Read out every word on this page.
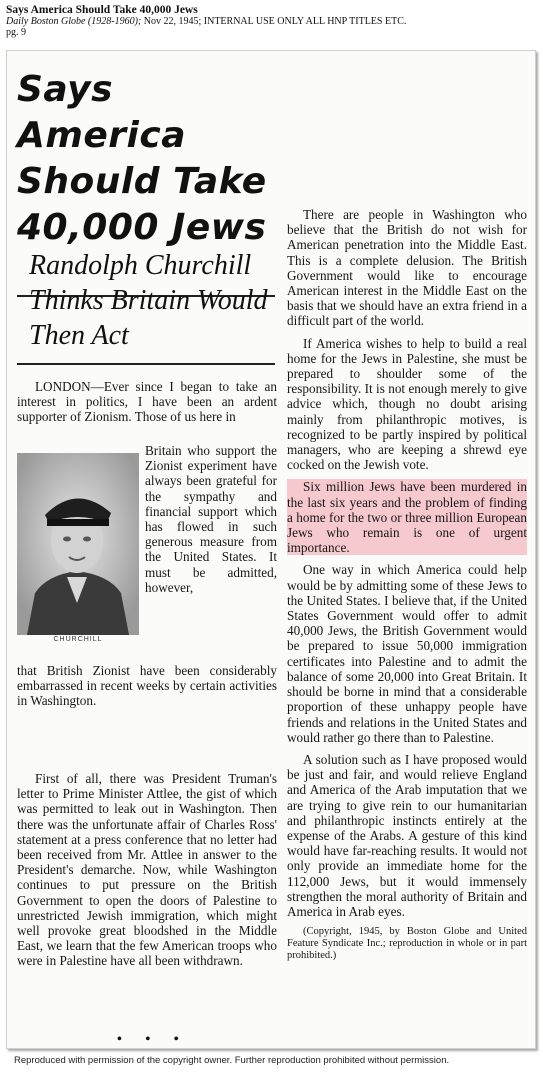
Says America Should Take 40,000 Jews
Daily Boston Globe (1928-1960); Nov 22, 1945; INTERNAL USE ONLY ALL HNP TITLES ETC.
pg. 9
Says America Should Take 40,000 Jews
Randolph Churchill Thinks Britain Would Then Act

LONDON—Ever since I began to take an interest in politics, I have been an ardent supporter of Zionism. Those of us here in

CHURCHILL

Britain who support the Zionist experiment have always been grateful for the sympathy and financial support which has flowed in such generous measure from the United States. It must be admitted, however,

that British Zionist have been considerably embarrassed in recent weeks by certain activities in Washington.

First of all, there was President Truman's letter to Prime Minister Attlee, the gist of which was permitted to leak out in Washington. Then there was the unfortunate affair of Charles Ross' statement at a press conference that no letter had been received from Mr. Attlee in answer to the President's demarche. Now, while Washington continues to put pressure on the British Government to open the doors of Palestine to unrestricted Jewish immigration, which might well provoke great bloodshed in the Middle East, we learn that the few American troops who were in Palestine have all been withdrawn.

• • •

There are people in Washington who believe that the British do not wish for American penetration into the Middle East. This is a complete delusion. The British Government would like to encourage American interest in the Middle East on the basis that we should have an extra friend in a difficult part of the world.

If America wishes to help to build a real home for the Jews in Palestine, she must be prepared to shoulder some of the responsibility. It is not enough merely to give advice which, though no doubt arising mainly from philanthropic motives, is recognized to be partly inspired by political managers, who are keeping a shrewd eye cocked on the Jewish vote.

Six million Jews have been murdered in the last six years and the problem of finding a home for the two or three million European Jews who remain is one of urgent importance.

One way in which America could help would be by admitting some of these Jews to the United States. I believe that, if the United States Government would offer to admit 40,000 Jews, the British Government would be prepared to issue 50,000 immigration certificates into Palestine and to admit the balance of some 20,000 into Great Britain. It should be borne in mind that a considerable proportion of these unhappy people have friends and relations in the United States and would rather go there than to Palestine.

A solution such as I have proposed would be just and fair, and would relieve England and America of the Arab imputation that we are trying to give rein to our humanitarian and philanthropic instincts entirely at the expense of the Arabs. A gesture of this kind would have far-reaching results. It would not only provide an immediate home for the 112,000 Jews, but it would immensely strengthen the moral authority of Britain and America in Arab eyes.

(Copyright, 1945, by Boston Globe and United Feature Syndicate Inc.; reproduction in whole or in part prohibited.)

Reproduced with permission of the copyright owner. Further reproduction prohibited without permission.
